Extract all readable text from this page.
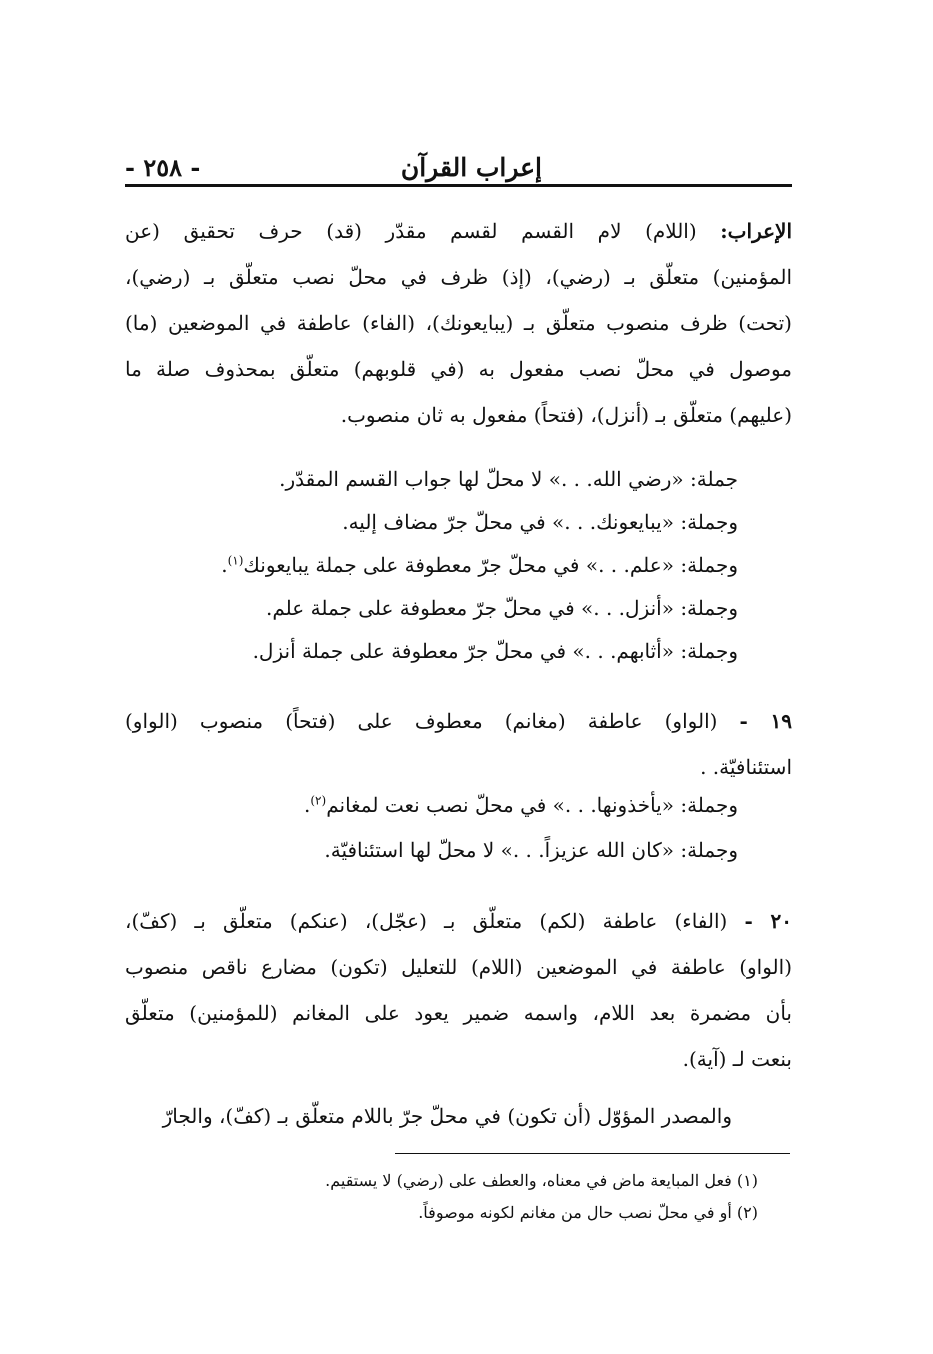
إعراب القرآن
- ٢٥٨ -
الإعراب: (اللام) لام القسم لقسم مقدّر (قد) حرف تحقيق (عن
المؤمنين) متعلّق بـ (رضي)، (إذ) ظرف في محلّ نصب متعلّق بـ (رضي)،
(تحت) ظرف منصوب متعلّق بـ (يبايعونك)، (الفاء) عاطفة في الموضعين (ما)
موصول في محلّ نصب مفعول به (في قلوبهم) متعلّق بمحذوف صلة ما
(عليهم) متعلّق بـ (أنزل)، (فتحاً) مفعول به ثان منصوب.
جملة: «رضي الله. . .» لا محلّ لها جواب القسم المقدّر.
وجملة: «يبايعونك. . .» في محلّ جرّ مضاف إليه.
وجملة: «علم. . .» في محلّ جرّ معطوفة على جملة يبايعونك$^{(١)}$.
وجملة: «أنزل. . .» في محلّ جرّ معطوفة على جملة علم.
وجملة: «أثابهم. . .» في محلّ جرّ معطوفة على جملة أنزل.
١٩ - (الواو) عاطفة (مغانم) معطوف على (فتحاً) منصوب (الواو)
استئنافيّة. .
وجملة: «يأخذونها. . .» في محلّ نصب نعت لمغانم$^{(٢)}$.
وجملة: «كان الله عزيزاً. . .» لا محلّ لها استئنافيّة.
٢٠ - (الفاء) عاطفة (لكم) متعلّق بـ (عجّل)، (عنكم) متعلّق بـ (كفّ)،
(الواو) عاطفة في الموضعين (اللام) للتعليل (تكون) مضارع ناقص منصوب
بأن مضمرة بعد اللام، واسمه ضمير يعود على المغانم (للمؤمنين) متعلّق
بنعت لـ (آية).
والمصدر المؤوّل (أن تكون) في محلّ جرّ باللام متعلّق بـ (كفّ)، والجارّ
(١) فعل المبايعة ماض في معناه، والعطف على (رضي) لا يستقيم.
(٢) أو في محلّ نصب حال من مغانم لكونه موصوفاً.
